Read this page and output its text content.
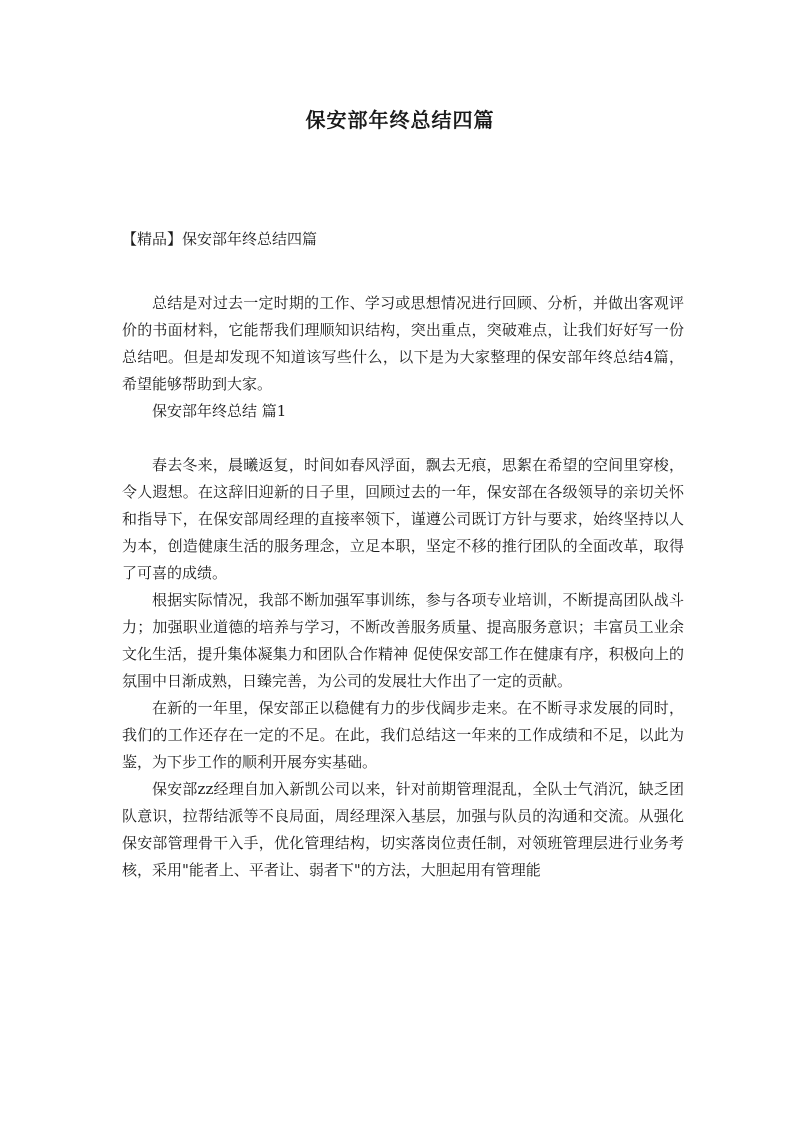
保安部年终总结四篇

【精品】保安部年终总结四篇

总结是对过去一定时期的工作、学习或思想情况进行回顾、分析，并做出客观评价的书面材料，它能帮我们理顺知识结构，突出重点，突破难点，让我们好好写一份总结吧。但是却发现不知道该写些什么，以下是为大家整理的保安部年终总结4篇，希望能够帮助到大家。

保安部年终总结 篇1

春去冬来，晨曦返复，时间如春风浮面，飘去无痕，思絮在希望的空间里穿梭，令人遐想。在这辞旧迎新的日子里，回顾过去的一年，保安部在各级领导的亲切关怀和指导下，在保安部周经理的直接率领下，谨遵公司既订方针与要求，始终坚持以人为本，创造健康生活的服务理念，立足本职，坚定不移的推行团队的全面改革，取得了可喜的成绩。

根据实际情况，我部不断加强军事训练，参与各项专业培训，不断提高团队战斗力；加强职业道德的培养与学习，不断改善服务质量、提高服务意识；丰富员工业余文化生活，提升集体凝集力和团队合作精神 促使保安部工作在健康有序，积极向上的氛围中日渐成熟，日臻完善，为公司的发展壮大作出了一定的贡献。

在新的一年里，保安部正以稳健有力的步伐阔步走来。在不断寻求发展的同时，我们的工作还存在一定的不足。在此，我们总结这一年来的工作成绩和不足，以此为鉴，为下步工作的顺利开展夯实基础。

保安部zz经理自加入新凯公司以来，针对前期管理混乱，全队士气消沉，缺乏团队意识，拉帮结派等不良局面，周经理深入基层，加强与队员的沟通和交流。从强化保安部管理骨干入手，优化管理结构，切实落岗位责任制，对领班管理层进行业务考核，采用"能者上、平者让、弱者下"的方法，大胆起用有管理能
